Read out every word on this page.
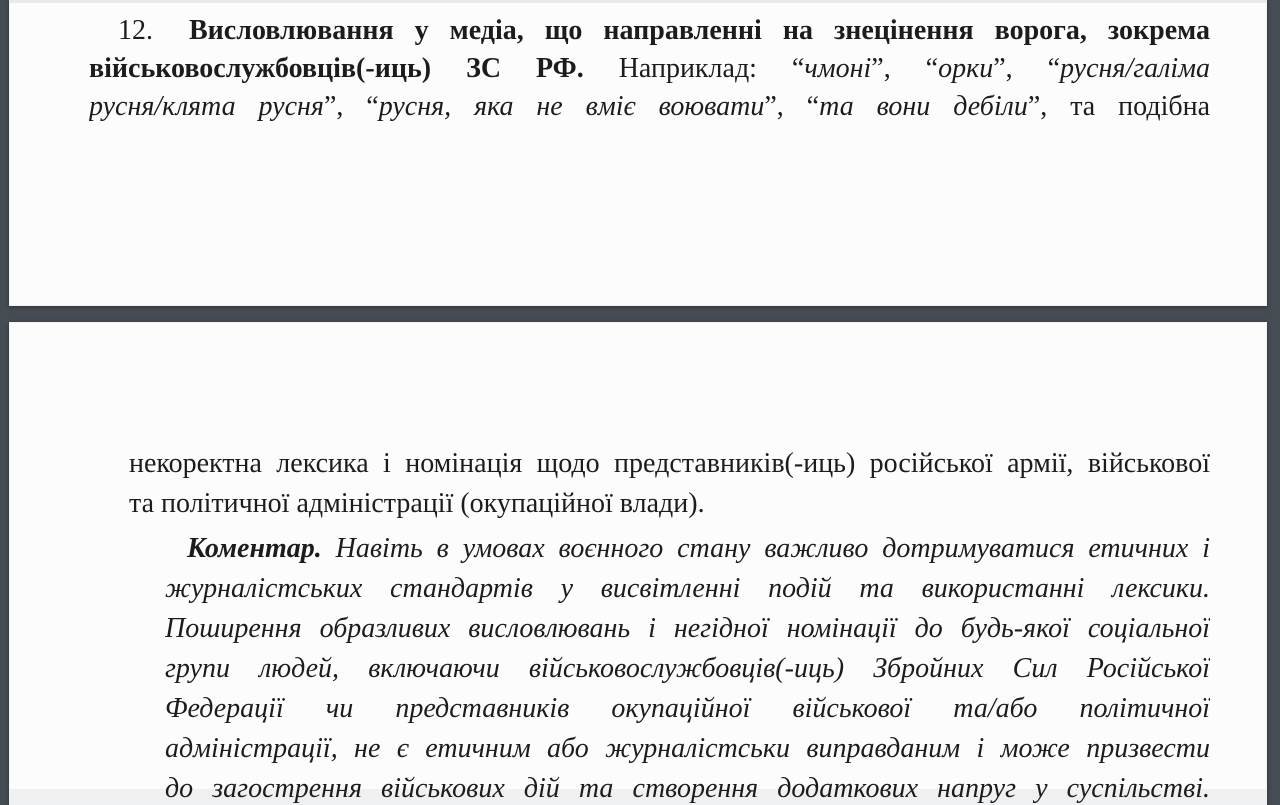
12. Висловлювання у медіа, що направленні на знецінення ворога, зокрема
військовослужбовців(-иць) ЗС РФ. Наприклад: “чмоні”, “орки”, “русня/галіма
русня/клята русня”, “русня, яка не вміє воювати”, “та вони дебіли”, та подібна
некоректна лексика і номінація щодо представників(-иць) російської армії, військової
та політичної адміністрації (окупаційної влади).
Коментар. Навіть в умовах воєнного стану важливо дотримуватися етичних і
журналістських стандартів у висвітленні подій та використанні лексики.
Поширення образливих висловлювань і негідної номінації до будь-якої соціальної
групи людей, включаючи військовослужбовців(-иць) Збройних Сил Російської
Федерації чи представників окупаційної військової та/або політичної
адміністрації, не є етичним або журналістськи виправданим і може призвести
до загострення військових дій та створення додаткових напруг у суспільстві.
